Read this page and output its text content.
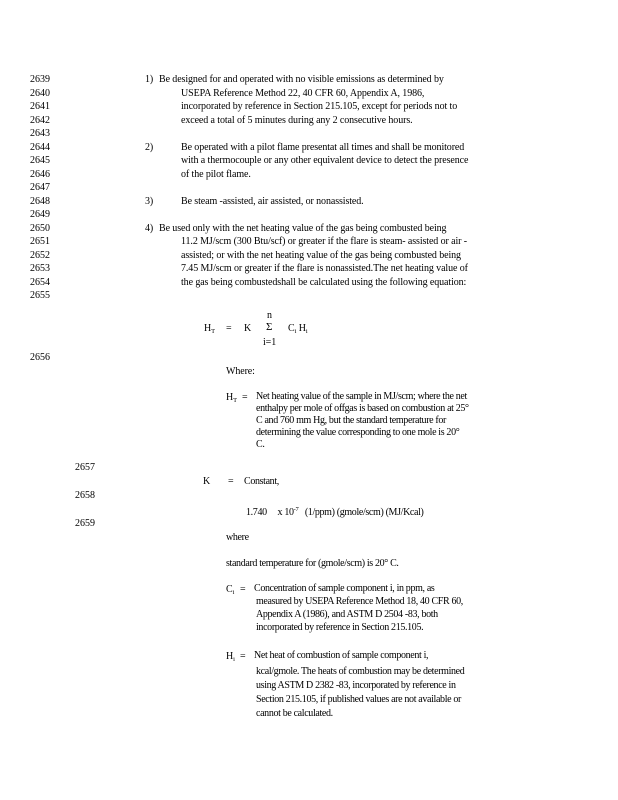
2639
2640
2641
2642
2643
2644
2645
2646
2647
2648
2649
2650
2651
2652
2653
2654
2655
2656
2657
2658
2659
1) Be designed for and operated with no visible emissions as determined by
USEPA Reference Method 22, 40 CFR 60, Appendix A, 1986,
incorporated by reference in Section 215.105, except for periods not to
exceed a total of 5 minutes during any 2 consecutive hours.
2)	Be operated with a pilot flame presentat all times and shall be monitored
with a thermocouple or any other equivalent device to detect the presence
of the pilot flame.
3)	Be steam -assisted, air assisted, or nonassisted.
4) Be used only with the net heating value of the gas being combusted being
11.2 MJ/scm (300 Btu/scf) or greater if the flare is steam- assisted or air -
assisted; or with the net heating value of the gas being combusted being
7.45 MJ/scm or greater if the flare is nonassisted.The net heating value of
the gas being combustedshall be calculated using the following equation:
n
$H_T = K$ Σ $C_i$ $H_i$
i=1
Where:
$H_T$ = Net heating value of the sample in MJ/scm; where the net
enthalpy per mole of offgas is based on combustion at 25°
C and 760 mm Hg, but the standard temperature for
determining the value corresponding to one mole is 20°
C.
K = Constant,
1.740 x $10^{-7}$ (1/ppm) (gmole/scm) (MJ/Kcal)
where
standard temperature for (gmole/scm) is 20° C.
$C_i$ = Concentration of sample component i, in ppm, as
measured by USEPA Reference Method 18, 40 CFR 60,
Appendix A (1986), and ASTM D 2504 -83, both
incorporated by reference in Section 215.105.
$H_i$ = Net heat of combustion of sample component i,
kcal/gmole. The heats of combustion may be determined
using ASTM D 2382 -83, incorporated by reference in
Section 215.105, if published values are not available or
cannot be calculated.
